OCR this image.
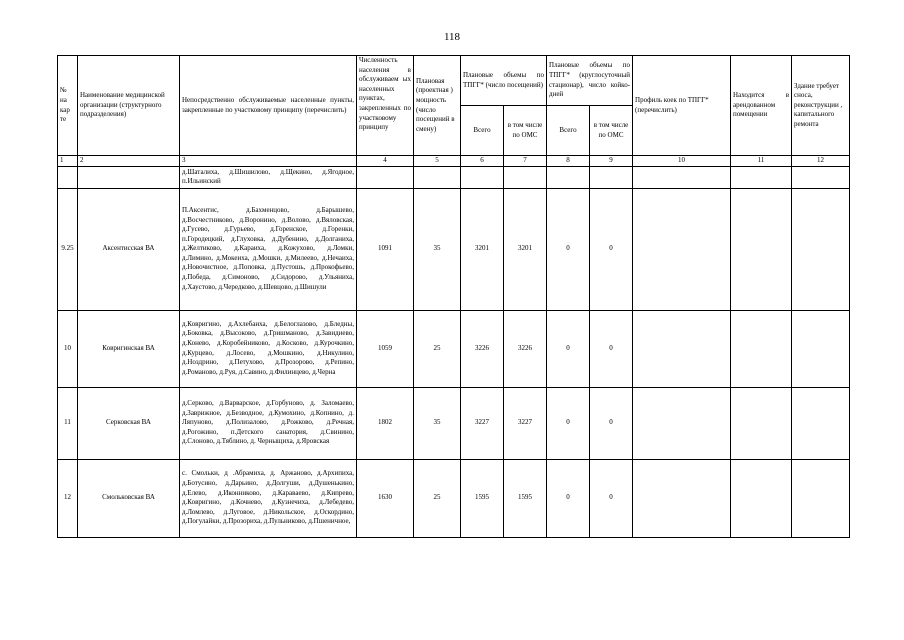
118
№ на кар те	Наименование медицинской организации (структурного подразделения)	Непосредственно обслуживаемые населенные пункты, закрепленные по участковому принципу (перечислить)	Численность населения в обслуживаем ых населенных пунктах, закрепленных по участковому принципу	Плановая (проектная ) мощность (число посещений в смену)	Плановые объемы по ТПГГ* (число посещений)		Плановые объемы по ТПГГ* (круглосуточный стационар), число койко-дней		Профиль коек по ТПГГ* (перечислить)	Находится в арендованном помещении	Здание требует сноса, реконструкции , капитального ремонта
					Всего	в том числе по ОМС	Всего	в том числе по ОМС			
1	2	3	4	5	6	7	8	9	10	11	12
		д.Шаталиха, д.Шишилово, д.Щекино, д.Ягодное, п.Ильинский									
9.25	Аксентисская ВА	П.Аксентис, д.Бахменцово, д.Барышево, д.Восчестниково, д.Воронино, д.Волово, д.Вяловская, д.Гусево, д.Гурьево, д.Горенское, д.Горенки, п.Городецкий, д.Глуховка, д.Дубенино, д.Долганиха, д.Желтиково, д.Караиха, д.Кожухово, д.Ломки, д.Лимино, д.Мокеиха, д.Мошки, д.Милеево, д.Нечаиха, д.Новочистное, д.Поповка, д.Пустошь, д.Прокофьево, д.Победа, д.Симоново, д.Сидорово, д.Ульяниха, д.Хаустово, д.Чередково, д.Шевцово, д.Шишули	1091	35	3201	3201	0	0			
10	Ковригинская ВА	д.Ковригино, д.Ахлебаиха, д.Белоглазово, д.Бледны, д.Боковка, д.Высоково, д.Гришманово, д.Завидиево, д.Конево, д.Коробейниково, д.Косково, д.Курочкино, д.Курцево, д.Лосево, д.Мошкино, д.Никулино, д.Ноздрино, д.Петухово, д.Прозорово, д.Репино, д.Романово, д.Руя, д.Савино, д.Филинцево, д.Черна	1059	25	3226	3226	0	0			
11	Серковская ВА	д.Серково, д.Варварское, д.Горбуново, д. Заломаево, д.Заврижное, д.Безводное, д.Кумохино, д.Копнино, д. Ляпуново, д.Полизалово, д.Рожково, д.Речная, д.Рогожино, п.Детского санатория, д.Свинино, д.Слоново, д.Тяблино, д. Черныщиха, д.Яровская	1802	35	3227	3227	0	0			
12	Смольковская ВА	с. Смольки, д .Абрамиха, д. Аржаново, д.Архипиха, д.Ботусино, д.Дарьино, д.Долгуши, д.Душенькино, д.Елево, д.Иконниково, д.Караваево, д.Кипрево, д.Ковригино, д.Кочнево, д.Кузнечиха, д.Лебедево, д.Ломлево, д.Луговое, д.Никольское, д.Оскордино, д.Погулайки, д.Прозориха, д.Пульниково, д.Пшеничное,	1630	25	1595	1595	0	0			
